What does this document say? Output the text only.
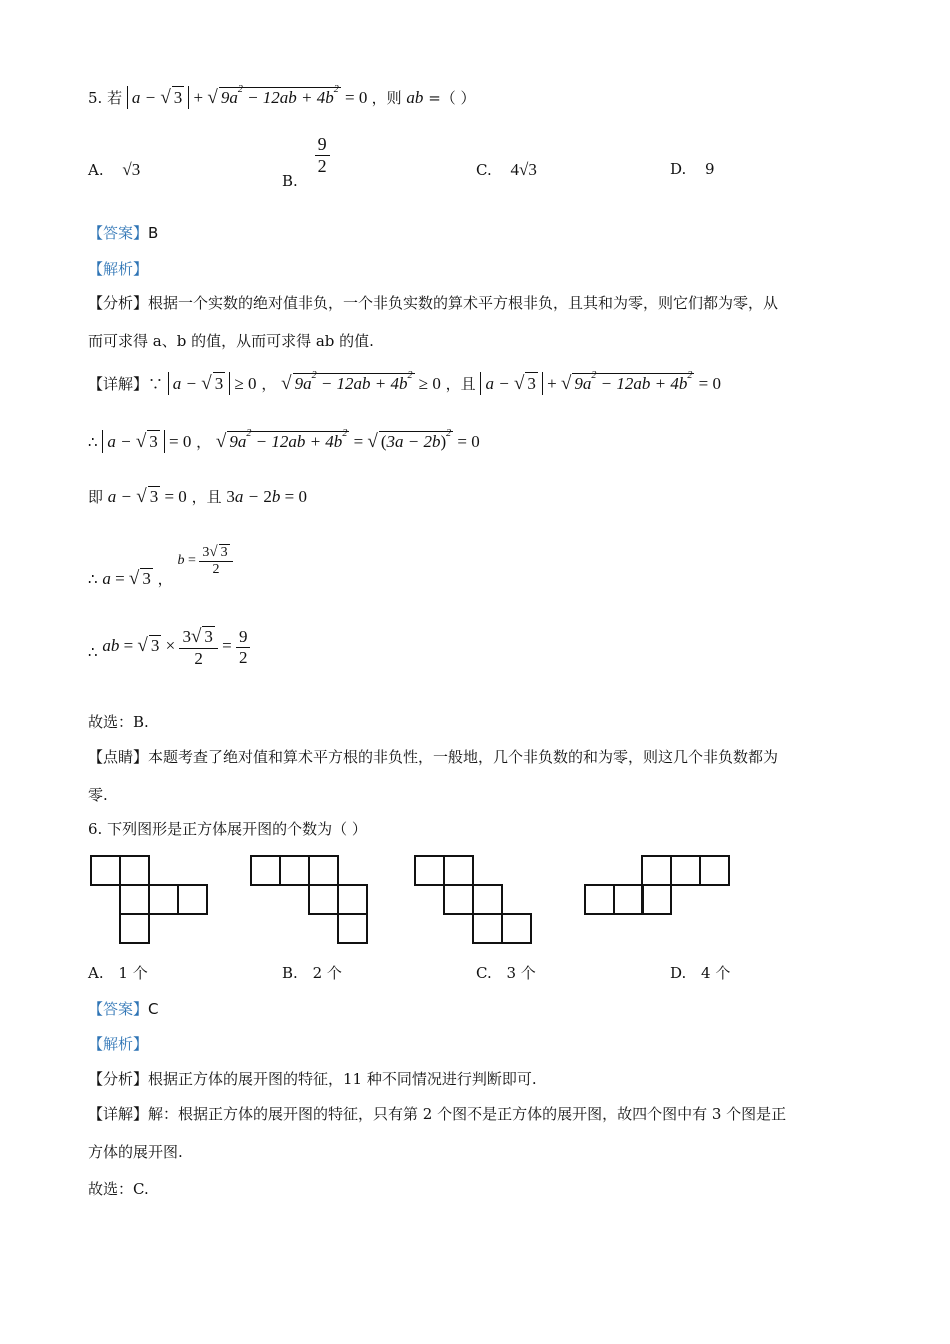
5. 若 a − √ 3 + √ $9a^2 - 12ab + 4b^2 = 0$ ，则 ab =（ ）
A. √3
B.
$\frac{9}{2}$	C. 4√3	D. 9
【答案】B
【解析】
【分析】根据一个实数的绝对值非负，一个非负实数的算术平方根非负，且其和为零，则它们都为零，从
而可求得 a、b 的值，从而可求得 ab 的值.
【详解】∵ a − √ 3 ≥ 0 ， √ $9a^2 - 12ab + 4b^2 \ge 0$ ，且 a − √ 3 + √ $9a^2 - 12ab + 4b^2 = 0$
∴ a − √ 3 = 0 ， √ $9a^2 - 12ab + 4b^2$ = √ $(3a - 2b)^2 = 0$
即 a − √ 3 = 0 ，且 3a − 2b = 0
∴ a = √ 3 ， $b = \frac{3√ 3}{2}$
∴ ab = √ $3 \times \frac{3√ 3}{2} = \frac{9}{2}$
故选：B.
【点睛】本题考查了绝对值和算术平方根的非负性，一般地，几个非负数的和为零，则这几个非负数都为
零.
6. 下列图形是正方体展开图的个数为（ ）
A. 1 个	B. 2 个	C. 3 个	D. 4 个
【答案】C
【解析】
【分析】根据正方体的展开图的特征，11 种不同情况进行判断即可.
【详解】解：根据正方体的展开图的特征，只有第 2 个图不是正方体的展开图，故四个图中有 3 个图是正
方体的展开图.
故选：C.
